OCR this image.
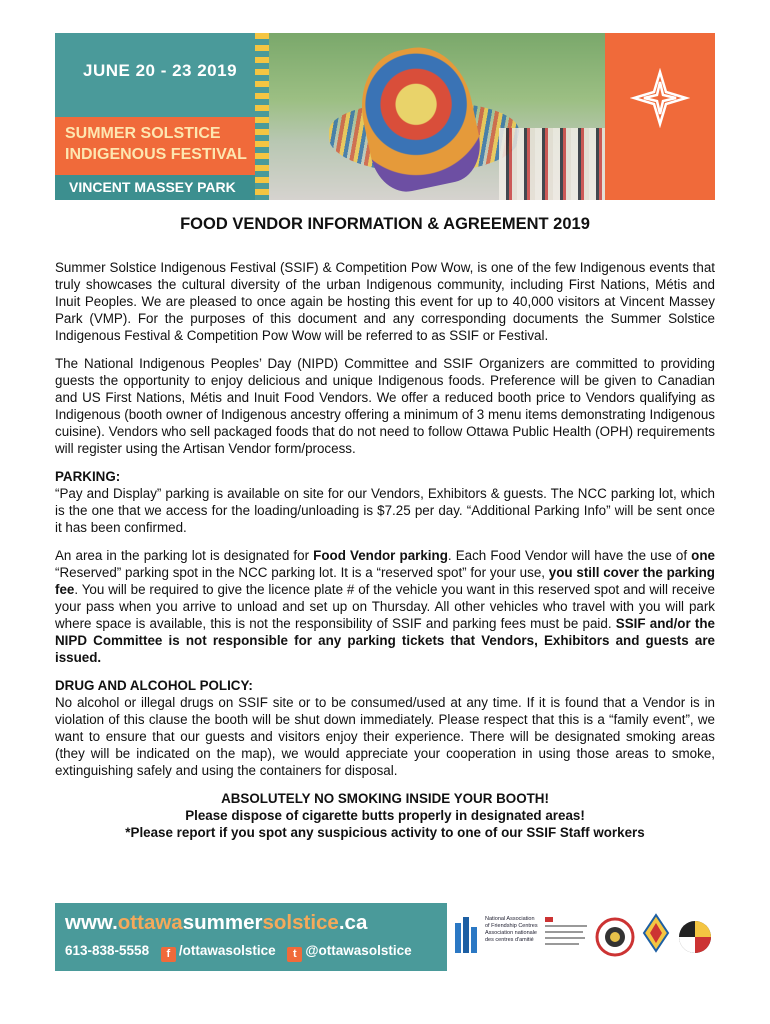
JUNE 20 - 23 2019
SUMMER SOLSTICE
INDIGENOUS FESTIVAL
VINCENT MASSEY PARK
FOOD VENDOR INFORMATION & AGREEMENT 2019

Summer Solstice Indigenous Festival (SSIF) & Competition Pow Wow, is one of the few Indigenous events that truly showcases the cultural diversity of the urban Indigenous community, including First Nations, Métis and Inuit Peoples. We are pleased to once again be hosting this event for up to 40,000 visitors at Vincent Massey Park (VMP). For the purposes of this document and any corresponding documents the Summer Solstice Indigenous Festival & Competition Pow Wow will be referred to as SSIF or Festival.

The National Indigenous Peoples’ Day (NIPD) Committee and SSIF Organizers are committed to providing guests the opportunity to enjoy delicious and unique Indigenous foods. Preference will be given to Canadian and US First Nations, Métis and Inuit Food Vendors. We offer a reduced booth price to Vendors qualifying as Indigenous (booth owner of Indigenous ancestry offering a minimum of 3 menu items demonstrating Indigenous cuisine). Vendors who sell packaged foods that do not need to follow Ottawa Public Health (OPH) requirements will register using the Artisan Vendor form/process.

PARKING:
“Pay and Display” parking is available on site for our Vendors, Exhibitors & guests. The NCC parking lot, which is the one that we access for the loading/unloading is $7.25 per day. “Additional Parking Info” will be sent once it has been confirmed.

An area in the parking lot is designated for Food Vendor parking. Each Food Vendor will have the use of one “Reserved” parking spot in the NCC parking lot. It is a “reserved spot” for your use, you still cover the parking fee. You will be required to give the licence plate # of the vehicle you want in this reserved spot and will receive your pass when you arrive to unload and set up on Thursday. All other vehicles who travel with you will park where space is available, this is not the responsibility of SSIF and parking fees must be paid. SSIF and/or the NIPD Committee is not responsible for any parking tickets that Vendors, Exhibitors and guests are issued.

DRUG AND ALCOHOL POLICY:
No alcohol or illegal drugs on SSIF site or to be consumed/used at any time. If it is found that a Vendor is in violation of this clause the booth will be shut down immediately. Please respect that this is a “family event”, we want to ensure that our guests and visitors enjoy their experience. There will be designated smoking areas (they will be indicated on the map), we would appreciate your cooperation in using those areas to smoke, extinguishing safely and using the containers for disposal.

ABSOLUTELY NO SMOKING INSIDE YOUR BOOTH!
Please dispose of cigarette butts properly in designated areas!
*Please report if you spot any suspicious activity to one of our SSIF Staff workers
www.ottawasummersolstice.ca
613-838-5558 f /ottawasolstice t @ottawasolstice
National Association
of Friendship Centres
Association nationale
des centres d'amitié
